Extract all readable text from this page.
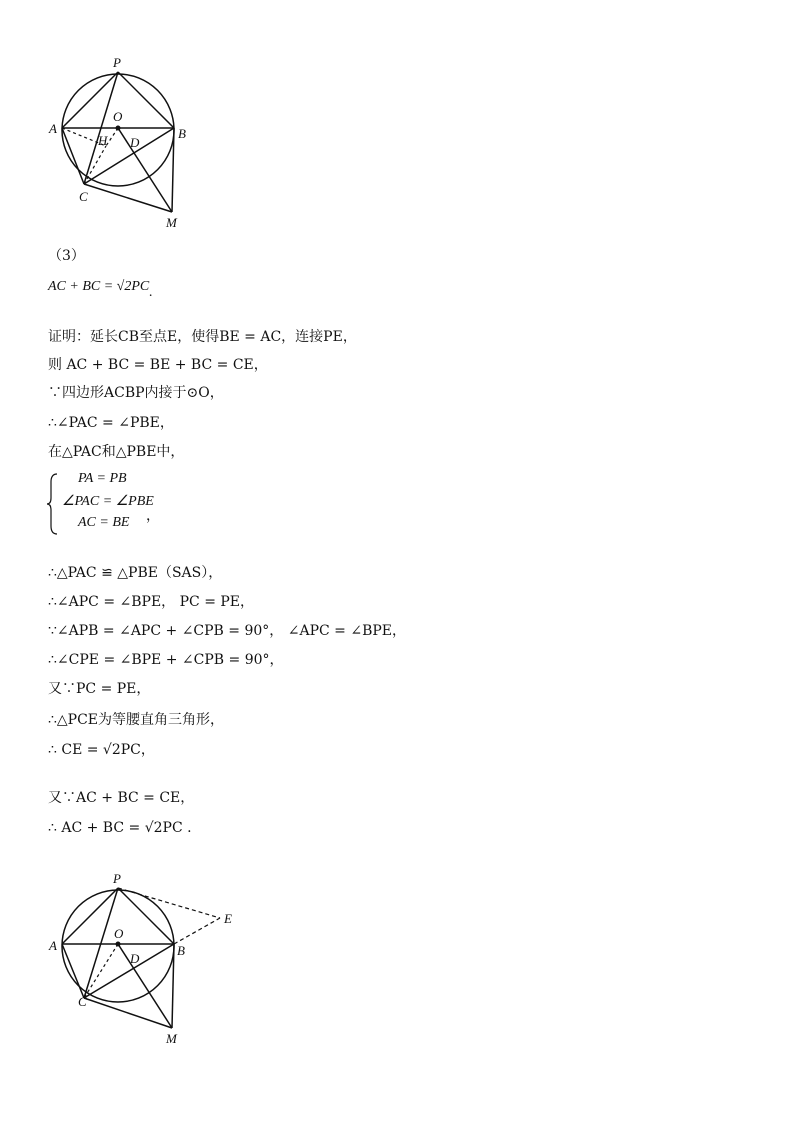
P
A
O
B
H D
C
M
（3）
AC + BC = √2PC.
证明：延长CB至点E，使得BE = AC，连接PE，
则 AC + BC = BE + BC = CE，
∵四边形ACBP内接于⊙O，
∴∠PAC = ∠PBE，
在△PAC和△PBE中，
PA = PB
∠PAC = ∠PBE
AC = BE ，
∴△PAC ≌ △PBE（SAS），
∴∠APC = ∠BPE， PC = PE，
∵∠APB = ∠APC + ∠CPB = 90°， ∠APC = ∠BPE，
∴∠CPE = ∠BPE + ∠CPB = 90°，
又∵PC = PE，
∴△PCE为等腰直角三角形，
∴ CE = √2PC，
又∵AC + BC = CE，
∴ AC + BC = √2PC .
P
E
A
O
B
D
C
M
